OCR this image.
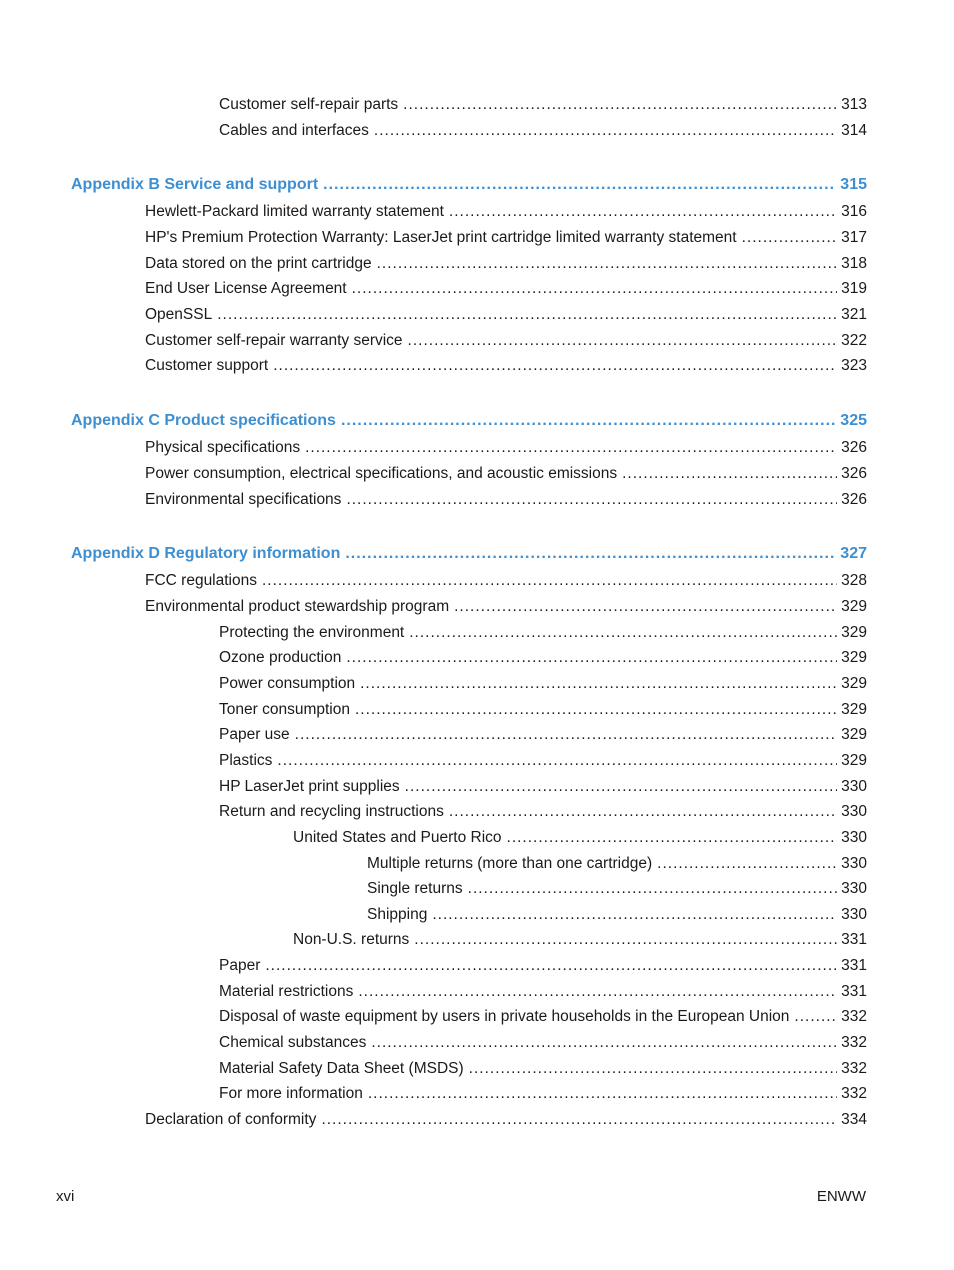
Customer self-repair parts .....	313
Cables and interfaces .....	314
Appendix B Service and support .....	315
Hewlett-Packard limited warranty statement .....	316
HP's Premium Protection Warranty: LaserJet print cartridge limited warranty statement .....	317
Data stored on the print cartridge .....	318
End User License Agreement .....	319
OpenSSL .....	321
Customer self-repair warranty service .....	322
Customer support .....	323
Appendix C Product specifications .....	325
Physical specifications .....	326
Power consumption, electrical specifications, and acoustic emissions .....	326
Environmental specifications .....	326
Appendix D Regulatory information .....	327
FCC regulations .....	328
Environmental product stewardship program .....	329
Protecting the environment .....	329
Ozone production .....	329
Power consumption .....	329
Toner consumption .....	329
Paper use .....	329
Plastics .....	329
HP LaserJet print supplies .....	330
Return and recycling instructions .....	330
United States and Puerto Rico .....	330
Multiple returns (more than one cartridge) .....	330
Single returns .....	330
Shipping .....	330
Non-U.S. returns .....	331
Paper .....	331
Material restrictions .....	331
Disposal of waste equipment by users in private households in the European Union .....	332
Chemical substances .....	332
Material Safety Data Sheet (MSDS) .....	332
For more information .....	332
Declaration of conformity .....	334
xvi	ENWW
